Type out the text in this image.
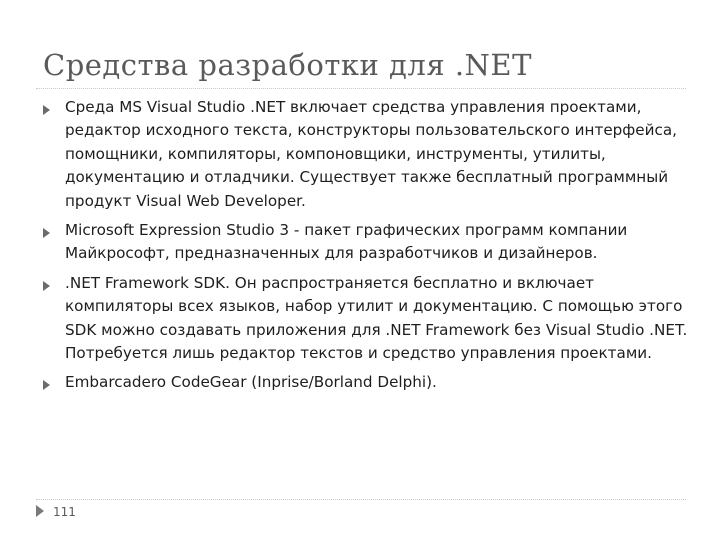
Средства разработки для .NET
Среда MS Visual Studio .NET включает средства управления проектами, редактор исходного текста, конструкторы пользовательского интерфейса, помощники, компиляторы, компоновщики, инструменты, утилиты, документацию и отладчики. Существует также бесплатный программный продукт Visual Web Developer.
Microsoft Expression Studio 3 - пакет графических программ компании Майкрософт, предназначенных для разработчиков и дизайнеров.
.NET Framework SDK. Он распространяется бесплатно и включает компиляторы всех языков, набор утилит и документацию. С помощью этого SDK можно создавать приложения для .NET Framework без Visual Studio .NET. Потребуется лишь редактор текстов и средство управления проектами.
Embarcadero CodeGear (Inprise/Borland Delphi).
111
